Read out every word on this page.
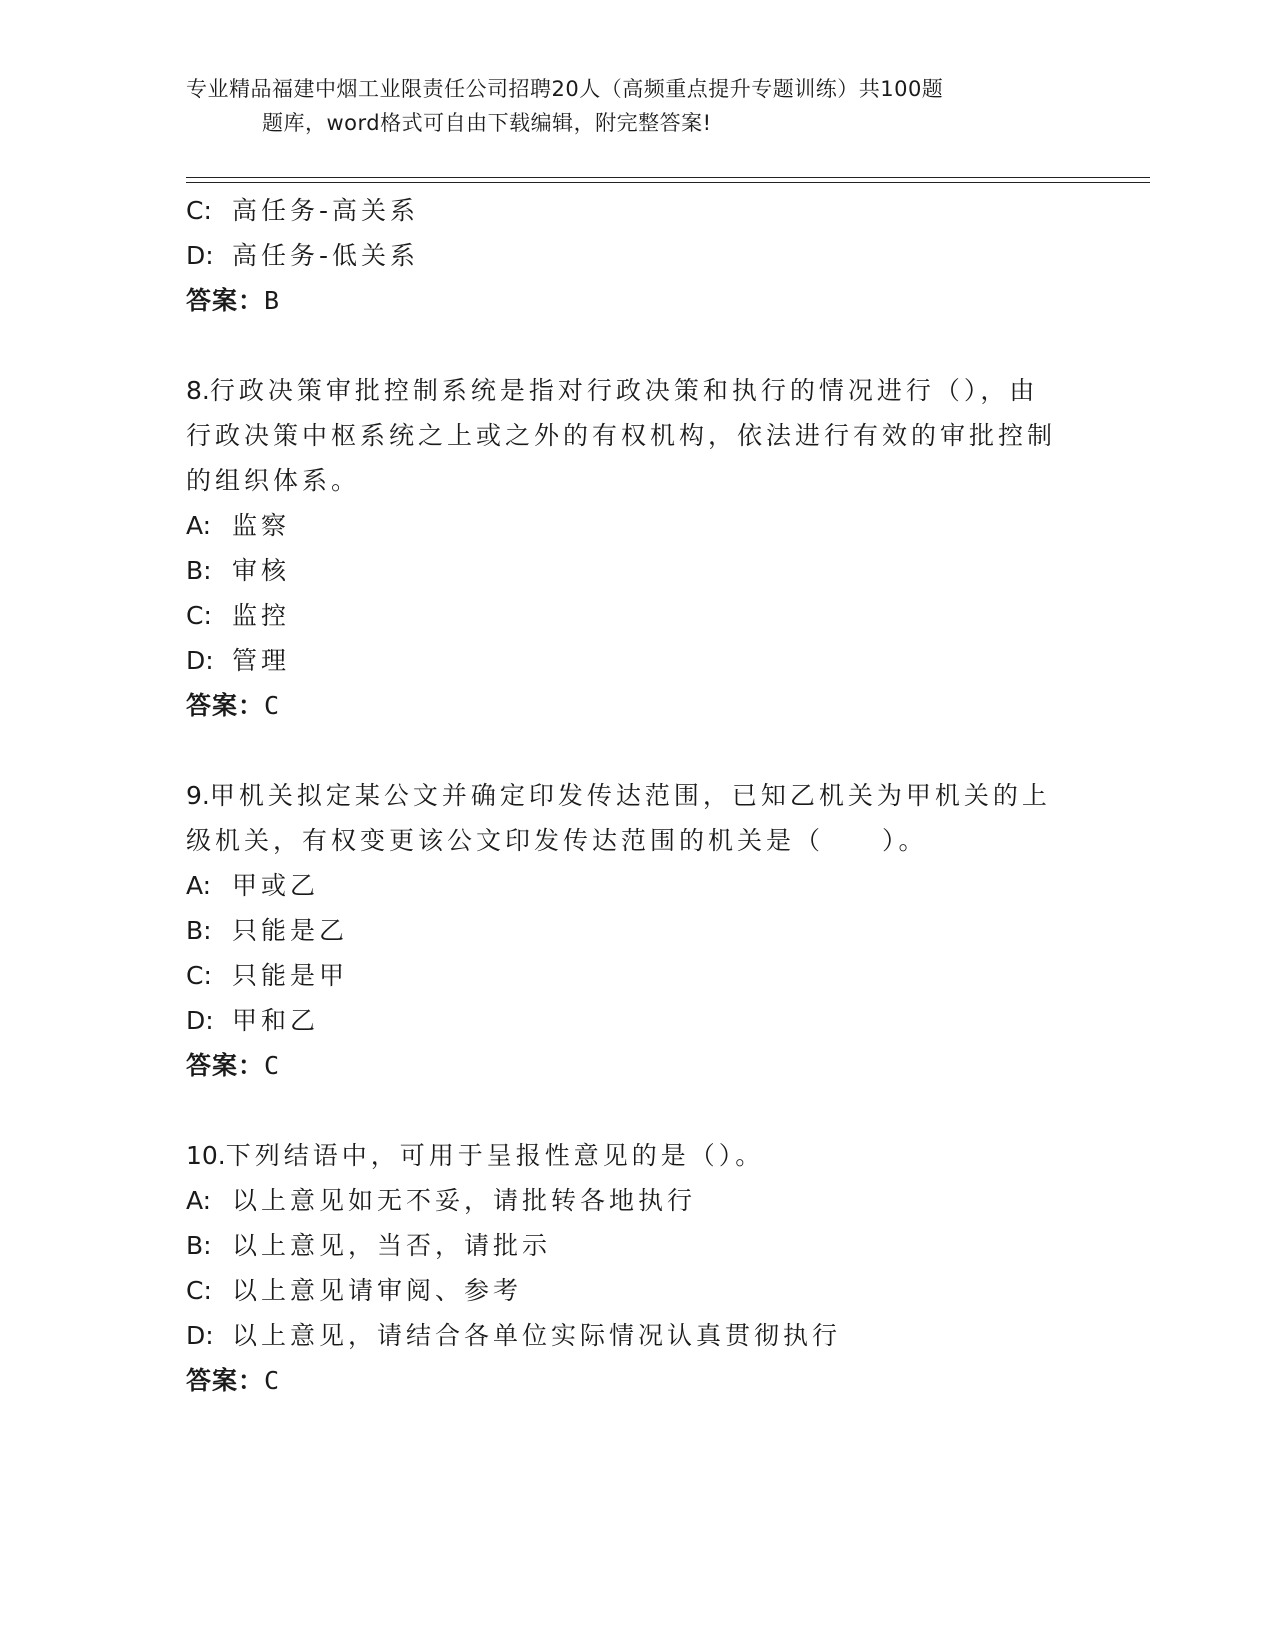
专业精品福建中烟工业限责任公司招聘20人（高频重点提升专题训练）共100题
题库，word格式可自由下载编辑，附完整答案!
C: 高任务-高关系
D: 高任务-低关系
答案：B
8.行政决策审批控制系统是指对行政决策和执行的情况进行（），由
行政决策中枢系统之上或之外的有权机构，依法进行有效的审批控制
的组织体系。
A: 监察
B: 审核
C: 监控
D: 管理
答案：C
9.甲机关拟定某公文并确定印发传达范围，已知乙机关为甲机关的上
级机关，有权变更该公文印发传达范围的机关是（　　）。
A: 甲或乙
B: 只能是乙
C: 只能是甲
D: 甲和乙
答案：C
10.下列结语中，可用于呈报性意见的是（）。
A: 以上意见如无不妥，请批转各地执行
B: 以上意见，当否，请批示
C: 以上意见请审阅、参考
D: 以上意见，请结合各单位实际情况认真贯彻执行
答案：C
